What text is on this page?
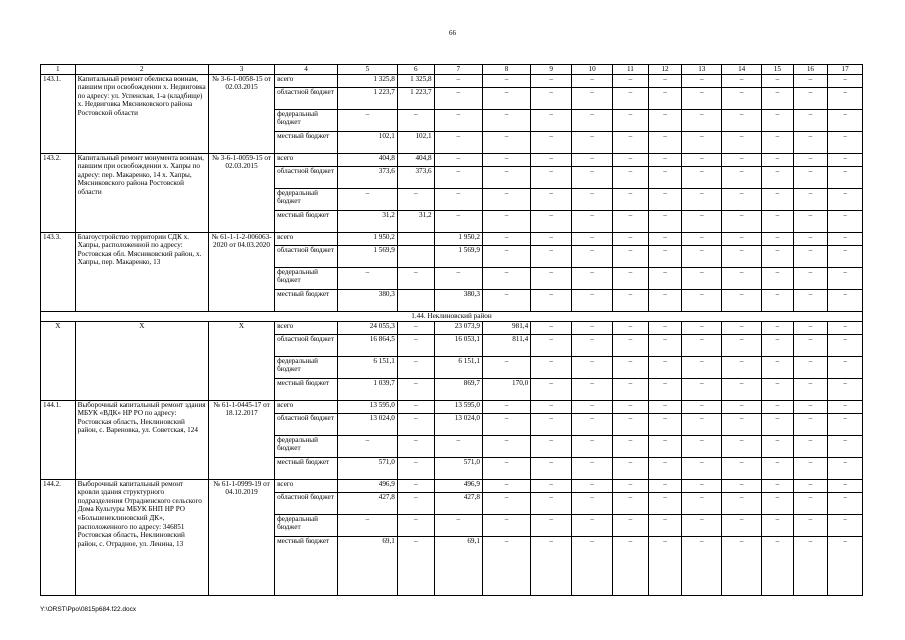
66
1	2	3	4	5	6	7	8	9	10	11	12	13	14	15	16	17
143.1.	Капитальный ремонт обелиска воинам, павшим при освобождении х. Недвиговка по адресу: ул. Успенская, 1-а (кладбище) х. Недвиговка Мясниковского района Ростовской области	№ 3-6-1-0058-15 от 02.03.2015	всего	1 325,8	1 325,8	–	–	–	–	–	–	–	–	–	–	–
			областной бюджет	1 223,7	1 223,7	–	–	–	–	–	–	–	–	–	–	–
			федеральный бюджет	–	–	–	–	–	–	–	–	–	–	–	–	–
			местный бюджет	102,1	102,1	–	–	–	–	–	–	–	–	–	–	–
143.2.	Капитальный ремонт монумента воинам, павшим при освобождении х. Хапры по адресу: пер. Макаренко, 14 х. Хапры, Мясниковского района Ростовской области	№ 3-6-1-0059-15 от 02.03.2015	всего	404,8	404,8	–	–	–	–	–	–	–	–	–	–	–
			областной бюджет	373,6	373,6	–	–	–	–	–	–	–	–	–	–	–
			федеральный бюджет	–	–	–	–	–	–	–	–	–	–	–	–	–
			местный бюджет	31,2	31,2	–	–	–	–	–	–	–	–	–	–	–
143.3.	Благоустройство территории СДК х. Хапры, расположенной по адресу: Ростовская обл. Мясниковский район, х. Хапры, пер. Макаренко, 13	№ 61-1-1-2-006063-2020 от 04.03.2020	всего	1 950,2		1 950,2	–	–	–	–	–	–	–	–	–	–
			областной бюджет	1 569,9		1 569,9	–	–	–	–	–	–	–	–	–	–
			федеральный бюджет	–	–	–	–	–	–	–	–	–	–	–	–	–
			местный бюджет	380,3		380,3	–	–	–	–	–	–	–	–	–	–
1.44. Неклиновский район																
Х	Х	Х	всего	24 055,3	–	23 073,9	981,4	–	–	–	–	–	–	–	–	–
			областной бюджет	16 864,5	–	16 053,1	811,4	–	–	–	–	–	–	–	–	–
			федеральный бюджет	6 151,1	–	6 151,1	–	–	–	–	–	–	–	–	–	–
			местный бюджет	1 039,7	–	869,7	170,0	–	–	–	–	–	–	–	–	–
144.1.	Выборочный капитальный ремонт здания МБУК «ВДК» НР РО по адресу: Ростовская область, Неклиновский район, с. Вареновка, ул. Советская, 124	№ 61-1-0445-17 от 18.12.2017	всего	13 595,0	–	13 595,0	–	–	–	–	–	–	–	–	–	–
			областной бюджет	13 024,0	–	13 024,0	–	–	–	–	–	–	–	–	–	–
			федеральный бюджет	–	–	–	–	–	–	–	–	–	–	–	–	–
			местный бюджет	571,0	–	571,0	–	–	–	–	–	–	–	–	–	–
144.2.	Выборочный капитальный ремонт кровли здания структурного подразделения Отрадненского сельского Дома Культуры МБУК БНП НР РО «Большенеклиновский ДК», расположенного по адресу: 346851 Ростовская область, Неклиновский район, с. Отрадное, ул. Ленина, 13	№ 61-1-0999-19 от 04.10.2019	всего	496,9	–	496,9	–	–	–	–	–	–	–	–	–	–
			областной бюджет	427,8	–	427,8	–	–	–	–	–	–	–	–	–	–
			федеральный бюджет	–	–	–	–	–	–	–	–	–	–	–	–	–
			местный бюджет	69,1	–	69,1	–	–	–	–	–	–	–	–	–	–
Y:\ORST\Ppo\0815p684.f22.docx
